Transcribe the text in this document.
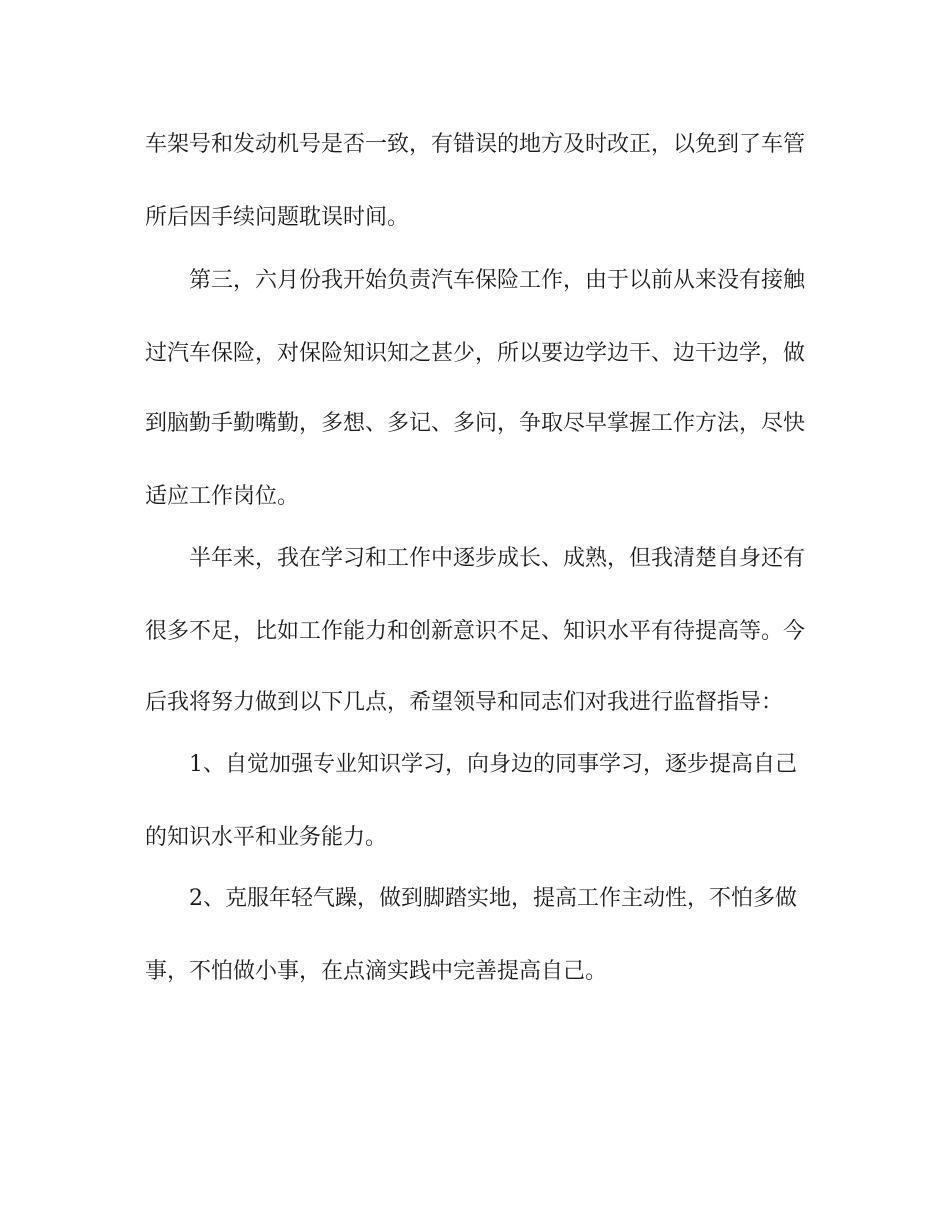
车架号和发动机号是否一致，有错误的地方及时改正，以免到了车管

所后因手续问题耽误时间。

第三，六月份我开始负责汽车保险工作，由于以前从来没有接触

过汽车保险，对保险知识知之甚少，所以要边学边干、边干边学，做

到脑勤手勤嘴勤，多想、多记、多问，争取尽早掌握工作方法，尽快

适应工作岗位。

半年来，我在学习和工作中逐步成长、成熟，但我清楚自身还有

很多不足，比如工作能力和创新意识不足、知识水平有待提高等。今

后我将努力做到以下几点，希望领导和同志们对我进行监督指导：

1、自觉加强专业知识学习，向身边的同事学习，逐步提高自己

的知识水平和业务能力。

2、克服年轻气躁，做到脚踏实地，提高工作主动性，不怕多做

事，不怕做小事，在点滴实践中完善提高自己。
